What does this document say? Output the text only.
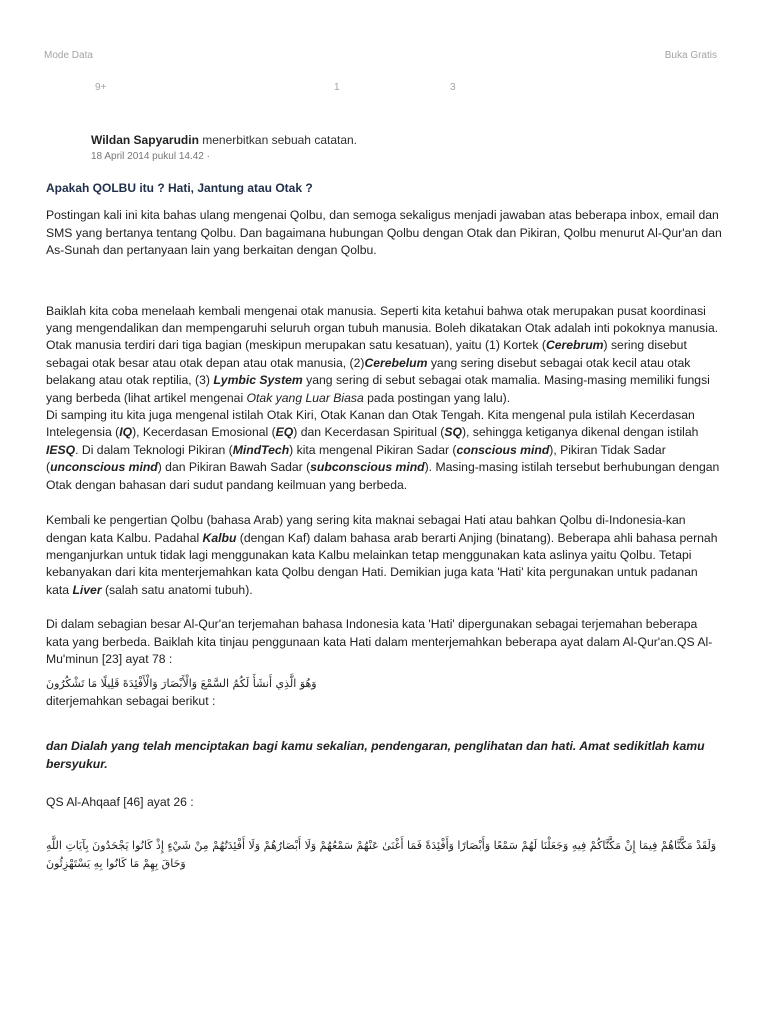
Mode Data	Buka Gratis
9+	1	3
Wildan Sapyarudin menerbitkan sebuah catatan.
18 April 2014 pukul 14.42 ·

Apakah QOLBU itu ? Hati, Jantung atau Otak ?

Postingan kali ini kita bahas ulang mengenai Qolbu, dan semoga sekaligus menjadi jawaban atas beberapa inbox, email dan SMS yang bertanya tentang Qolbu. Dan bagaimana hubungan Qolbu dengan Otak dan Pikiran, Qolbu menurut Al-Qur'an dan As-Sunah dan pertanyaan lain yang berkaitan dengan Qolbu.

Baiklah kita coba menelaah kembali mengenai otak manusia. Seperti kita ketahui bahwa otak merupakan pusat koordinasi yang mengendalikan dan mempengaruhi seluruh organ tubuh manusia. Boleh dikatakan Otak adalah inti pokoknya manusia. Otak manusia terdiri dari tiga bagian (meskipun merupakan satu kesatuan), yaitu (1) Kortek (Cerebrum) sering disebut sebagai otak besar atau otak depan atau otak manusia, (2)Cerebelum yang sering disebut sebagai otak kecil atau otak belakang atau otak reptilia, (3) Lymbic System yang sering di sebut sebagai otak mamalia. Masing-masing memiliki fungsi yang berbeda (lihat artikel mengenai Otak yang Luar Biasa pada postingan yang lalu).

Di samping itu kita juga mengenal istilah Otak Kiri, Otak Kanan dan Otak Tengah. Kita mengenal pula istilah Kecerdasan Intelegensia (IQ), Kecerdasan Emosional (EQ) dan Kecerdasan Spiritual (SQ), sehingga ketiganya dikenal dengan istilah IESQ. Di dalam Teknologi Pikiran (MindTech) kita mengenal Pikiran Sadar (conscious mind), Pikiran Tidak Sadar (unconscious mind) dan Pikiran Bawah Sadar (subconscious mind). Masing-masing istilah tersebut berhubungan dengan Otak dengan bahasan dari sudut pandang keilmuan yang berbeda.

Kembali ke pengertian Qolbu (bahasa Arab) yang sering kita maknai sebagai Hati atau bahkan Qolbu di-Indonesia-kan dengan kata Kalbu. Padahal Kalbu (dengan Kaf) dalam bahasa arab berarti Anjing (binatang). Beberapa ahli bahasa pernah menganjurkan untuk tidak lagi menggunakan kata Kalbu melainkan tetap menggunakan kata aslinya yaitu Qolbu. Tetapi kebanyakan dari kita menterjemahkan kata Qolbu dengan Hati. Demikian juga kata 'Hati' kita pergunakan untuk padanan kata Liver (salah satu anatomi tubuh).

Di dalam sebagian besar Al-Qur'an terjemahan bahasa Indonesia kata 'Hati' dipergunakan sebagai terjemahan beberapa kata yang berbeda. Baiklah kita tinjau penggunaan kata Hati dalam menterjemahkan beberapa ayat dalam Al-Qur'an.QS Al-Mu'minun [23] ayat 78 :

وَهُوَ الَّذِي أَنشَأَ لَكُمُ السَّمْعَ وَالْأَبْصَارَ وَالْأَفْئِدَةَ قَلِيلًا مَا تَشْكُرُونَ

diterjemahkan sebagai berikut :

dan Dialah yang telah menciptakan bagi kamu sekalian, pendengaran, penglihatan dan hati. Amat sedikitlah kamu bersyukur.

QS Al-Ahqaaf [46] ayat 26 :

وَلَقَدْ مَكَّنَّاهُمْ فِيمَا إِنْ مَكَّنَّاكُمْ فِيهِ وَجَعَلْنَا لَهُمْ سَمْعًا وَأَبْصَارًا وَأَفْئِدَةً فَمَا أَغْنَىٰ عَنْهُمْ سَمْعُهُمْ وَلَا أَبْصَارُهُمْ وَلَا أَفْئِدَتُهُمْ مِنْ شَيْءٍ إِذْ كَانُوا يَجْحَدُونَ بِآيَاتِ اللَّهِ وَحَاقَ بِهِمْ مَا كَانُوا بِهِ يَسْتَهْزِئُونَ
